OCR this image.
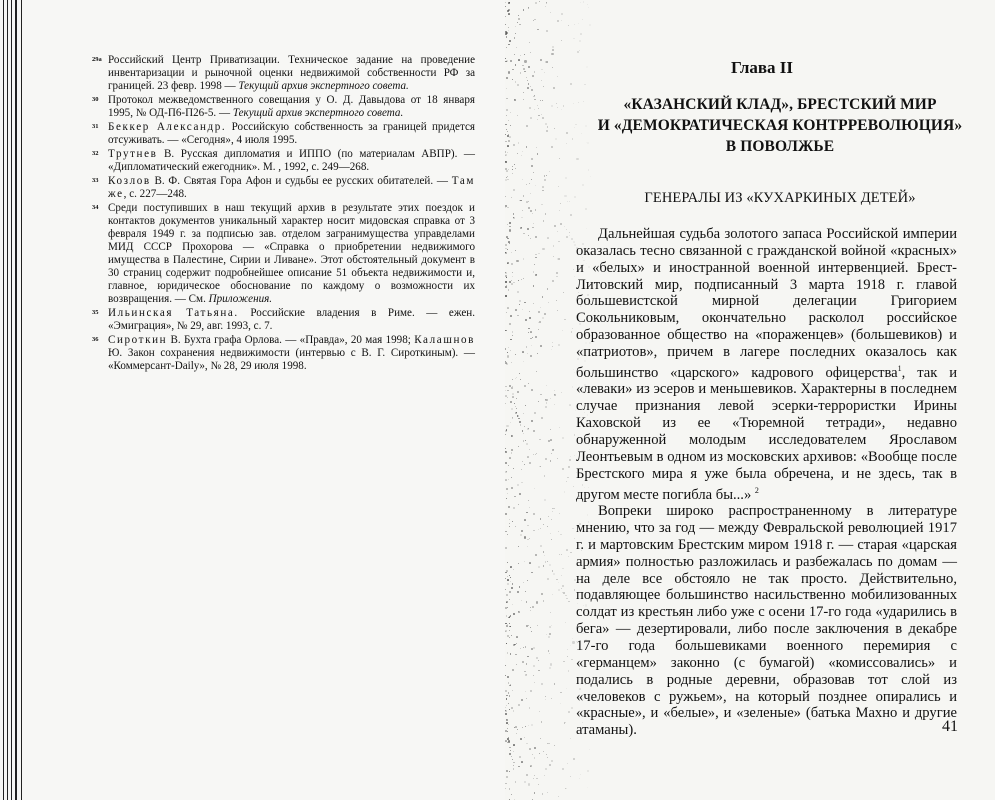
29a Российский Центр Приватизации. Техническое задание на проведение инвентаризации и рыночной оценки недвижимой собственности РФ за границей. 23 февр. 1998 — Текущий архив экспертного совета.
30 Протокол межведомственного совещания у О. Д. Давыдова от 18 января 1995, № ОД-П6-П26-5. — Текущий архив экспертного совета.
31 Беккер Александр. Российскую собственность за границей придется отсуживать. — «Сегодня», 4 июля 1995.
32 Трутнев В. Русская дипломатия и ИППО (по материалам АВПР). — «Дипломатический ежегодник». М. , 1992, с. 249—268.
33 Козлов В. Ф. Святая Гора Афон и судьбы ее русских обитателей. — Там же, с. 227—248.
34 Среди поступивших в наш текущий архив в результате этих поездок и контактов документов уникальный характер носит мидовская справка от 3 февраля 1949 г. за подписью зав. отделом загранимущества управделами МИД СССР Прохорова — «Справка о приобретении недвижимого имущества в Палестине, Сирии и Ливане». Этот обстоятельный документ в 30 страниц содержит подробнейшее описание 51 объекта недвижимости и, главное, юридическое обоснование по каждому о возможности их возвращения. — См. Приложения.
35 Ильинская Татьяна. Российские владения в Риме. — ежен. «Эмиграция», № 29, авг. 1993, с. 7.
36 Сироткин В. Бухта графа Орлова. — «Правда», 20 мая 1998; Калашнов Ю. Закон сохранения недвижимости (интервью с В. Г. Сироткиным). — «Коммерсант-Daily», № 28, 29 июля 1998.
Глава II
«КАЗАНСКИЙ КЛАД», БРЕСТСКИЙ МИР
И «ДЕМОКРАТИЧЕСКАЯ КОНТРРЕВОЛЮЦИЯ»
В ПОВОЛЖЬЕ
ГЕНЕРАЛЫ ИЗ «КУХАРКИНЫХ ДЕТЕЙ»

Дальнейшая судьба золотого запаса Российской империи оказалась тесно связанной с гражданской войной «красных» и «белых» и иностранной военной интервенцией. Брест-Литовский мир, подписанный 3 марта 1918 г. главой большевистской мирной делегации Григорием Сокольниковым, окончательно расколол российское образованное общество на «пораженцев» (большевиков) и «патриотов», причем в лагере последних оказалось как большинство «царского» кадрового офицерства$^1$, так и «леваки» из эсеров и меньшевиков. Характерны в последнем случае признания левой эсерки-террористки Ирины Каховской из ее «Тюремной тетради», недавно обнаруженной молодым исследователем Ярославом Леонтьевым в одном из московских архивов: «Вообще после Брестского мира я уже была обречена, и не здесь, так в другом месте погибла бы...» $^2$

Вопреки широко распространенному в литературе мнению, что за год — между Февральской революцией 1917 г. и мартовским Брестским миром 1918 г. — старая «царская армия» полностью разложилась и разбежалась по домам — на деле все обстояло не так просто. Действительно, подавляющее большинство насильственно мобилизованных солдат из крестьян либо уже с осени 17-го года «ударились в бега» — дезертировали, либо после заключения в декабре 17-го года большевиками военного перемирия с «германцем» законно (с бумагой) «комиссовались» и подались в родные деревни, образовав тот слой из «человеков с ружьем», на который позднее опирались и «красные», и «белые», и «зеленые» (батька Махно и другие атаманы).	41
